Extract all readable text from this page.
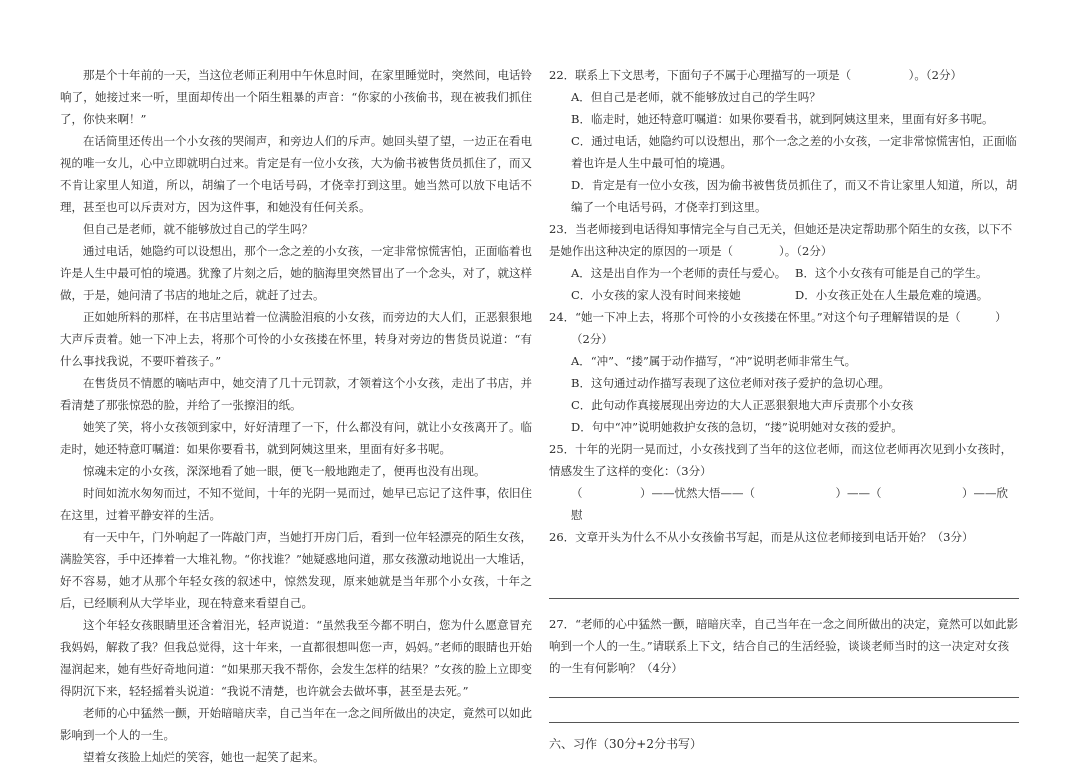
那是个十年前的一天，当这位老师正利用中午休息时间，在家里睡觉时，突然间，电话铃响了，她接过来一听，里面却传出一个陌生粗暴的声音：“你家的小孩偷书，现在被我们抓住了，你快来啊！”

在话筒里还传出一个小女孩的哭闹声，和旁边人们的斥声。她回头望了望，一边正在看电视的唯一女儿，心中立即就明白过来。肯定是有一位小女孩，大为偷书被售货员抓住了，而又不肯让家里人知道，所以，胡编了一个电话号码，才侥幸打到这里。她当然可以放下电话不理，甚至也可以斥责对方，因为这件事，和她没有任何关系。

但自己是老师，就不能够放过自己的学生吗？

通过电话，她隐约可以设想出，那个一念之差的小女孩，一定非常惊慌害怕，正面临着也许是人生中最可怕的境遇。犹豫了片刻之后，她的脑海里突然冒出了一个念头，对了，就这样做，于是，她问清了书店的地址之后，就赶了过去。

正如她所料的那样，在书店里站着一位满脸泪痕的小女孩，而旁边的大人们，正恶狠狠地大声斥责着。她一下冲上去，将那个可怜的小女孩搂在怀里，转身对旁边的售货员说道：“有什么事找我说，不要吓着孩子。”

在售货员不情愿的嘀咕声中，她交清了几十元罚款，才领着这个小女孩，走出了书店，并看清楚了那张惊恐的脸，并给了一张擦泪的纸。

她笑了笑，将小女孩领到家中，好好清理了一下，什么都没有问，就让小女孩离开了。临走时，她还特意叮嘱道：如果你要看书，就到阿姨这里来，里面有好多书呢。

惊魂未定的小女孩，深深地看了她一眼，便飞一般地跑走了，便再也没有出现。

时间如流水匆匆而过，不知不觉间，十年的光阴一晃而过，她早已忘记了这件事，依旧住在这里，过着平静安祥的生活。

有一天中午，门外响起了一阵敲门声，当她打开房门后，看到一位年轻漂亮的陌生女孩，满脸笑容，手中还捧着一大堆礼物。“你找谁？”她疑惑地问道，那女孩激动地说出一大堆话，好不容易，她才从那个年轻女孩的叙述中，惊然发现，原来她就是当年那个小女孩，十年之后，已经顺利从大学毕业，现在特意来看望自己。

这个年轻女孩眼睛里还含着泪光，轻声说道：“虽然我至今都不明白，您为什么愿意冒充我妈妈，解救了我？但我总觉得，这十年来，一直都很想叫您一声，妈妈。”老师的眼睛也开始湿润起来，她有些好奇地问道：“如果那天我不帮你，会发生怎样的结果？”女孩的脸上立即变得阴沉下来，轻轻摇着头说道：“我说不清楚，也许就会去做坏事，甚至是去死。”

老师的心中猛然一颤，开始暗暗庆幸，自己当年在一念之间所做出的决定，竟然可以如此影响到一个人的一生。

望着女孩脸上灿烂的笑容，她也一起笑了起来。

22．联系上下文思考，下面句子不属于心理描写的一项是（　　　　　）。（2分）

A．但自己是老师，就不能够放过自己的学生吗？

B．临走时，她还特意叮嘱道：如果你要看书，就到阿姨这里来，里面有好多书呢。

C．通过电话，她隐约可以设想出，那个一念之差的小女孩，一定非常惊慌害怕，正面临着也许是人生中最可怕的境遇。

D．肯定是有一位小女孩，因为偷书被售货员抓住了，而又不肯让家里人知道，所以，胡编了一个电话号码，才侥幸打到这里。

23．当老师接到电话得知事情完全与自己无关，但她还是决定帮助那个陌生的女孩，以下不是她作出这种决定的原因的一项是（　　　　）。（2分）

A．这是出自作为一个老师的责任与爱心。 B．这个小女孩有可能是自己的学生。
C．小女孩的家人没有时间来接她	D．小女孩正处在人生最危难的境遇。

24．“她一下冲上去，将那个可怜的小女孩搂在怀里。”对这个句子理解错误的是（　　　）

（2分）

A．“冲”、“搂”属于动作描写，“冲”说明老师非常生气。

B．这句通过动作描写表现了这位老师对孩子爱护的急切心理。

C．此句动作真接展现出旁边的大人正恶狠狠地大声斥责那个小女孩

D．句中“冲”说明她救护女孩的急切，“搂”说明她对女孩的爱护。

25．十年的光阴一晃而过，小女孩找到了当年的这位老师，而这位老师再次见到小女孩时，情感发生了这样的变化：（3分）

（　　　　　）——忧然大悟——（　　　　　　　）——（　　　　　　　）——欣慰

26．文章开头为什么不从小女孩偷书写起，而是从这位老师接到电话开始？（3分）

27．“老师的心中猛然一颤，暗暗庆幸，自己当年在一念之间所做出的决定，竟然可以如此影响到一个人的一生。”请联系上下文，结合自己的生活经验，谈谈老师当时的这一决定对女孩的一生有何影响？（4分）

六、习作（30分+2分书写）
